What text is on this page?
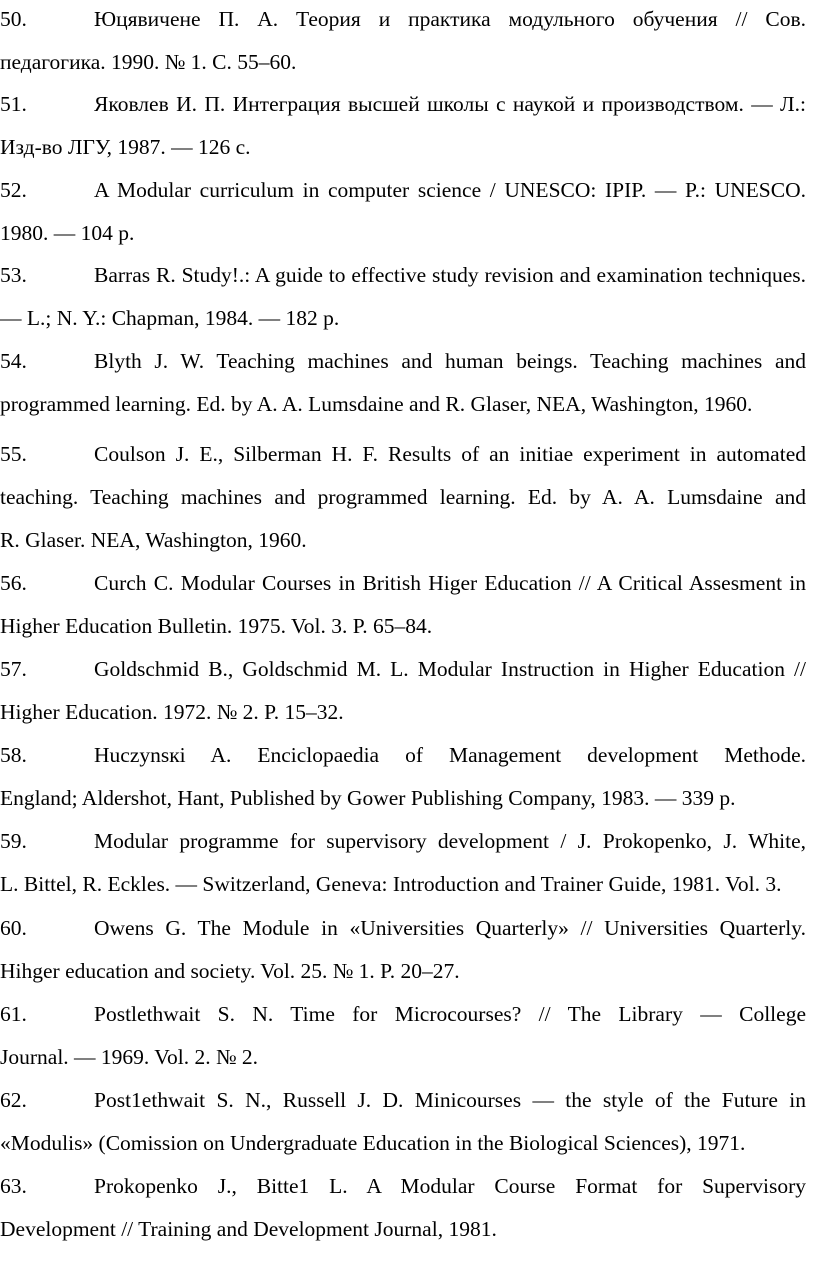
50.	Юцявичене П. А. Теория и практика модульного обучения // Сов.
педагогика. 1990. № 1. С. 55–60.
51.	Яковлев И. П. Интеграция высшей школы с наукой и производством. — Л.:
Изд-во ЛГУ, 1987. — 126 с.
52.	A Modular curriculum in computer science / UNESCO: IPIP. — P.: UNESCO.
1980. — 104 p.
53.	Barras R. Study!.: A guide to effective study revision and examination techniques.
— L.; N. Y.: Chapman, 1984. — 182 p.
54.	Blyth J. W. Teaching machines and human beings. Teaching machines and
programmed learning. Ed. by A. A. Lumsdaine and R. Glaser, NEA, Washington, 1960.
55.	Coulson J. E., Silberman H. F. Results of an initiae experiment in automated
teaching. Teaching machines and programmed learning. Ed. by A. A. Lumsdaine and
R. Glaser. NEA, Washington, 1960.
56.	Curch C. Modular Courses in British Higer Education // A Critical Assesment in
Higher Education Bulletin. 1975. Vol. 3. P. 65–84.
57.	Goldschmid B., Goldschmid M. L. Modular Instruction in Higher Education //
Higher Education. 1972. № 2. P. 15–32.
58.	Huczynsкi A. Enciclopaedia of Management development Methode.
England; Aldershot, Hant, Published by Gower Publishing Company, 1983. — 339 p.
59.	Modular programme for supervisory development / J. Prokopenko, J. White,
L. Bittel, R. Eckles. — Switzerland, Geneva: Introduction and Trainer Guide, 1981. Vol. 3.
60.	Owens G. The Module in «Universities Quarterly» // Universities Quarterly.
Hihger education and society. Vol. 25. № 1. P. 20–27.
61.	Postlethwait S. N. Time for Microcourses? // The Library — College
Journal. — 1969. Vol. 2. № 2.
62.	Post1ethwait S. N., Russell J. D. Minicourses — the style of the Future in
«Modulis» (Comission on Undergraduate Education in the Biological Sciences), 1971.
63.	Prokopenko J., Bitte1 L. A Modular Course Format for Supervisory
Development // Training and Development Journal, 1981.
